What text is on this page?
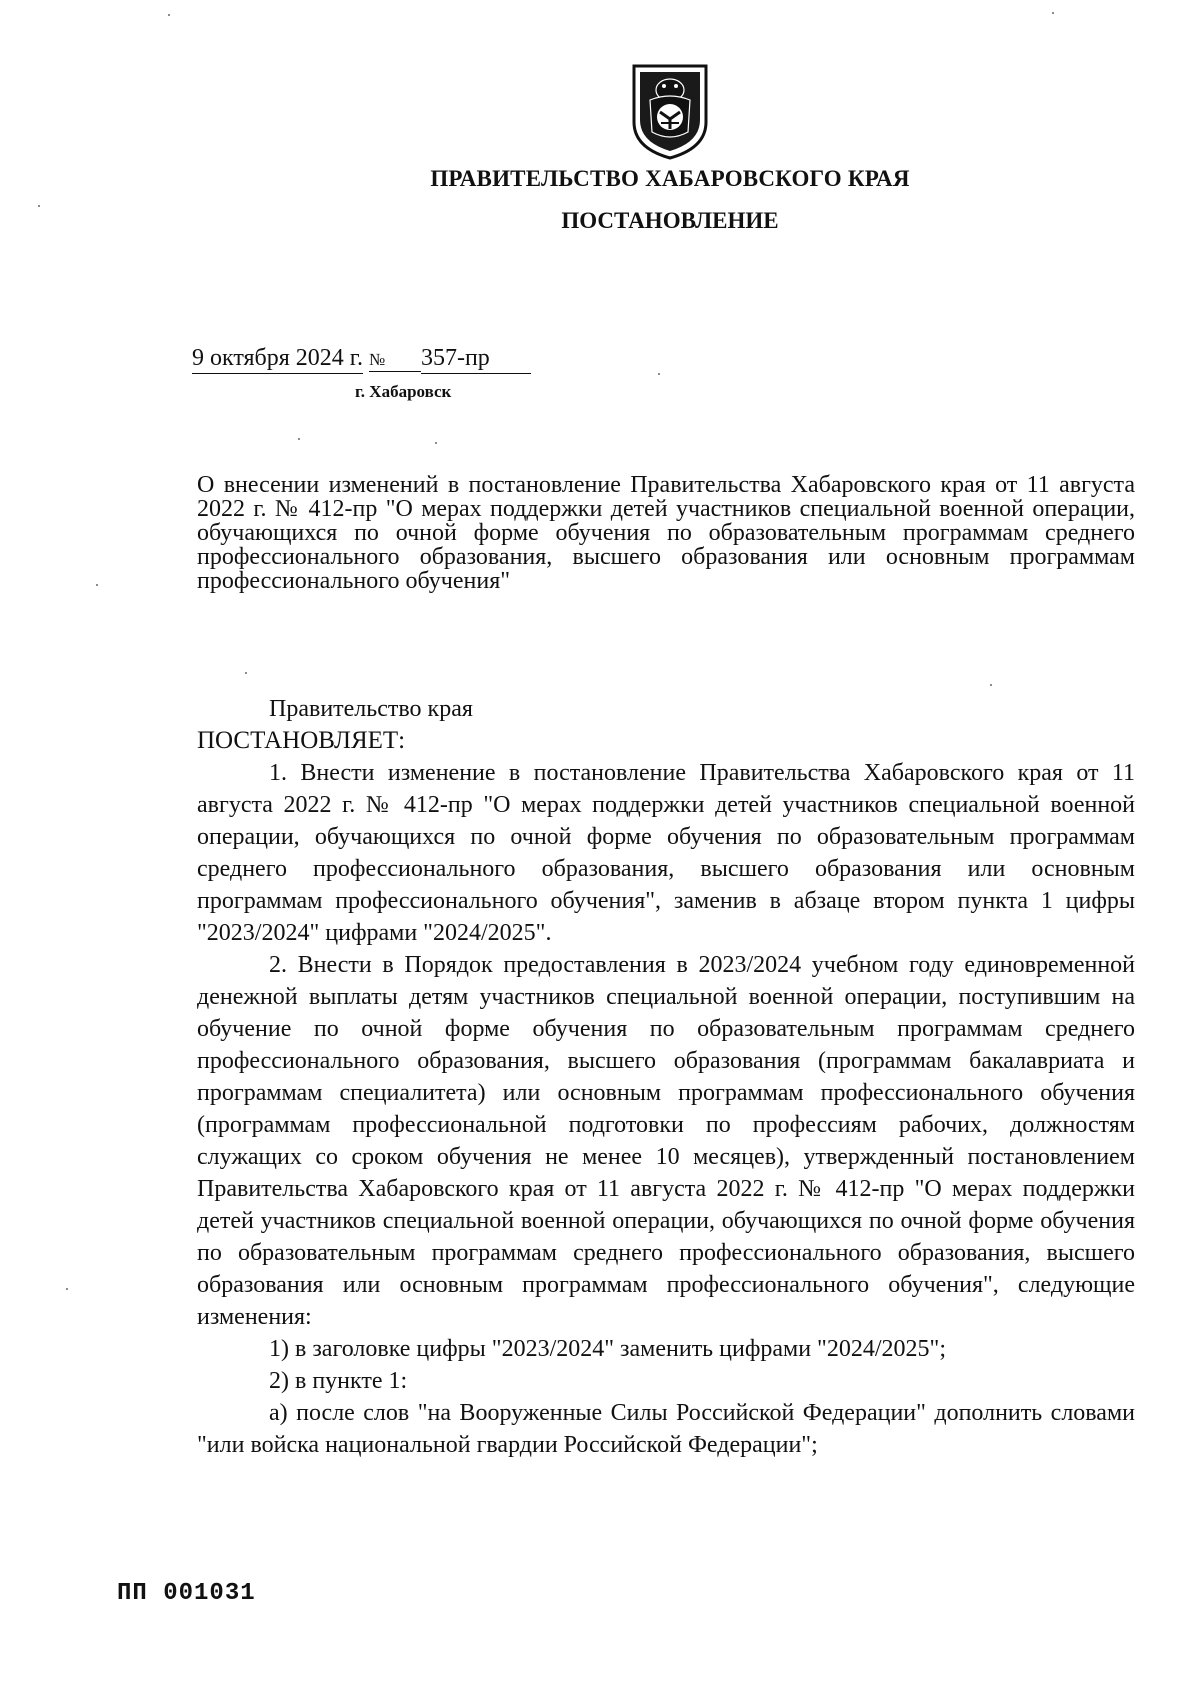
ПРАВИТЕЛЬСТВО ХАБАРОВСКОГО КРАЯ
ПОСТАНОВЛЕНИЕ
9 октября 2024 г. № 357-пр
г. Хабаровск
О внесении изменений в постановление Правительства Хабаровского края от 11 августа 2022 г. № 412-пр "О мерах поддержки детей участников специальной военной операции, обучающихся по очной форме обучения по образовательным программам среднего профессионального образования, высшего образования или основным программам профессионального обучения"

Правительство края

ПОСТАНОВЛЯЕТ:

1. Внести изменение в постановление Правительства Хабаровского края от 11 августа 2022 г. № 412-пр "О мерах поддержки детей участников специальной военной операции, обучающихся по очной форме обучения по образовательным программам среднего профессионального образования, высшего образования или основным программам профессионального обучения", заменив в абзаце втором пункта 1 цифры "2023/2024" цифрами "2024/2025".

2. Внести в Порядок предоставления в 2023/2024 учебном году единовременной денежной выплаты детям участников специальной военной операции, поступившим на обучение по очной форме обучения по образовательным программам среднего профессионального образования, высшего образования (программам бакалавриата и программам специалитета) или основным программам профессионального обучения (программам профессиональной подготовки по профессиям рабочих, должностям служащих со сроком обучения не менее 10 месяцев), утвержденный постановлением Правительства Хабаровского края от 11 августа 2022 г. № 412-пр "О мерах поддержки детей участников специальной военной операции, обучающихся по очной форме обучения по образовательным программам среднего профессионального образования, высшего образования или основным программам профессионального обучения", следующие изменения:

1) в заголовке цифры "2023/2024" заменить цифрами "2024/2025";

2) в пункте 1:

а) после слов "на Вооруженные Силы Российской Федерации" дополнить словами "или войска национальной гвардии Российской Федерации";

ПП 001031
